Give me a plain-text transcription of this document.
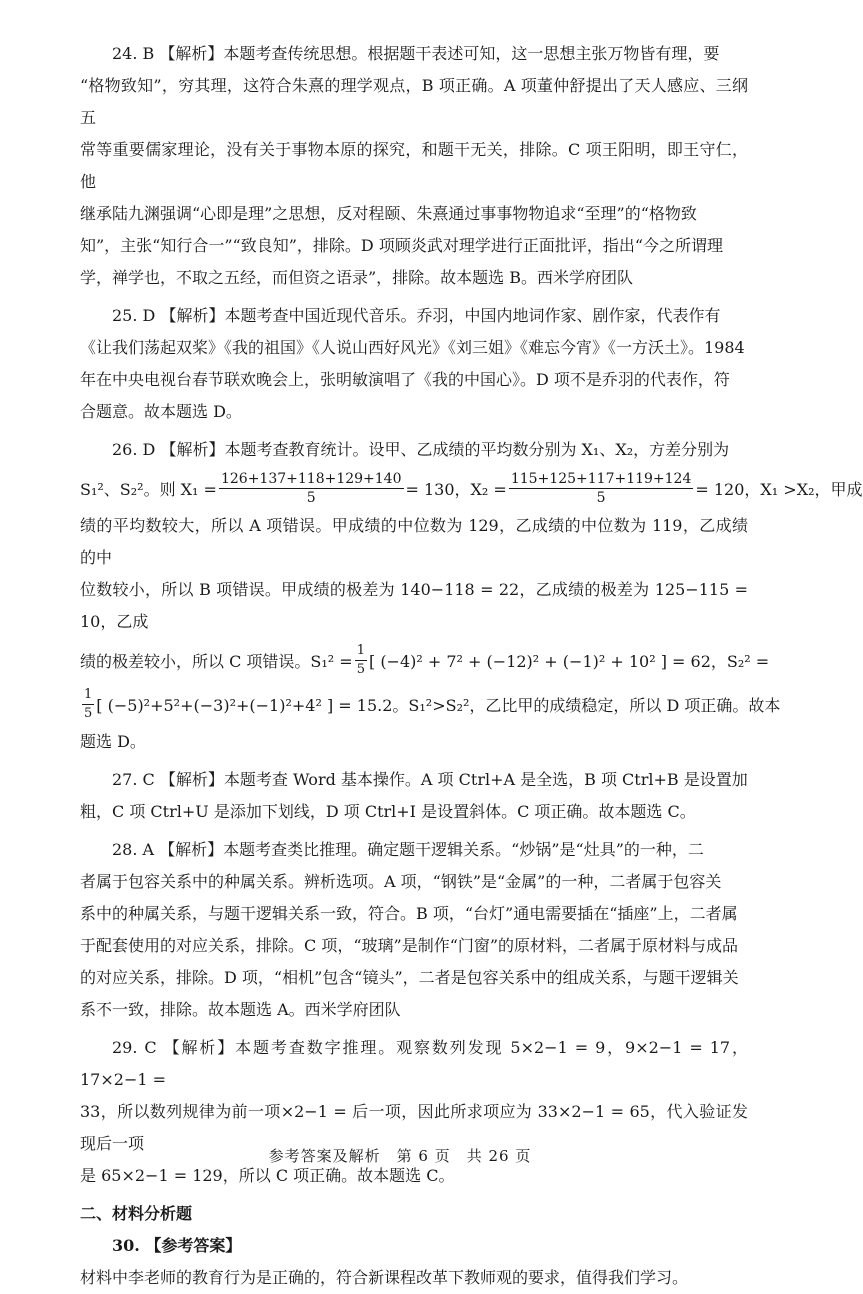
24. B 【解析】本题考查传统思想。根据题干表述可知，这一思想主张万物皆有理，要

“格物致知”，穷其理，这符合朱熹的理学观点，B 项正确。A 项董仲舒提出了天人感应、三纲五

常等重要儒家理论，没有关于事物本原的探究，和题干无关，排除。C 项王阳明，即王守仁，他

继承陆九渊强调“心即是理”之思想，反对程颐、朱熹通过事事物物追求“至理”的“格物致

知”，主张“知行合一”“致良知”，排除。D 项顾炎武对理学进行正面批评，指出“今之所谓理

学，禅学也，不取之五经，而但资之语录”，排除。故本题选 B。西米学府团队

25. D 【解析】本题考查中国近现代音乐。乔羽，中国内地词作家、剧作家，代表作有

《让我们荡起双桨》《我的祖国》《人说山西好风光》《刘三姐》《难忘今宵》《一方沃土》。1984

年在中央电视台春节联欢晚会上，张明敏演唱了《我的中国心》。D 项不是乔羽的代表作，符

合题意。故本题选 D。

26. D 【解析】本题考查教育统计。设甲、乙成绩的平均数分别为 X₁、X₂，方差分别为

S₁²、S₂²。则 $X_1 = \frac{126+137+118+129+140}{5} = 130$，$X_2 = \frac{115+125+117+119+124}{5} = 120$，X₁ >X₂，甲成

绩的平均数较大，所以 A 项错误。甲成绩的中位数为 129，乙成绩的中位数为 119，乙成绩的中

位数较小，所以 B 项错误。甲成绩的极差为 140−118 = 22，乙成绩的极差为 125−115 = 10，乙成

绩的极差较小，所以 C 项错误。$S_1^2 = \frac{1}{5}$ [ (−4)² + 7² + (−12)² + (−1)² + 10² ] = 62，S₂² =
$\frac{1}{5}$ [ (−5)²+5²+(−3)²+(−1)²+4² ] = 15.2。S₁²>S₂²，乙比甲的成绩稳定，所以 D 项正确。故本

题选 D。

27. C 【解析】本题考查 Word 基本操作。A 项 Ctrl+A 是全选，B 项 Ctrl+B 是设置加

粗，C 项 Ctrl+U 是添加下划线，D 项 Ctrl+I 是设置斜体。C 项正确。故本题选 C。

28. A 【解析】本题考查类比推理。确定题干逻辑关系。“炒锅”是“灶具”的一种，二

者属于包容关系中的种属关系。辨析选项。A 项，“钢铁”是“金属”的一种，二者属于包容关

系中的种属关系，与题干逻辑关系一致，符合。B 项，“台灯”通电需要插在“插座”上，二者属

于配套使用的对应关系，排除。C 项，“玻璃”是制作“门窗”的原材料，二者属于原材料与成品

的对应关系，排除。D 项，“相机”包含“镜头”，二者是包容关系中的组成关系，与题干逻辑关

系不一致，排除。故本题选 A。西米学府团队

29. C 【解析】本题考查数字推理。观察数列发现 5×2−1 = 9，9×2−1 = 17，17×2−1 =

33，所以数列规律为前一项×2−1 = 后一项，因此所求项应为 33×2−1 = 65，代入验证发现后一项

是 65×2−1 = 129，所以 C 项正确。故本题选 C。

二、材料分析题

30. 【参考答案】

材料中李老师的教育行为是正确的，符合新课程改革下教师观的要求，值得我们学习。

参考答案及解析　第 6 页　共 26 页
